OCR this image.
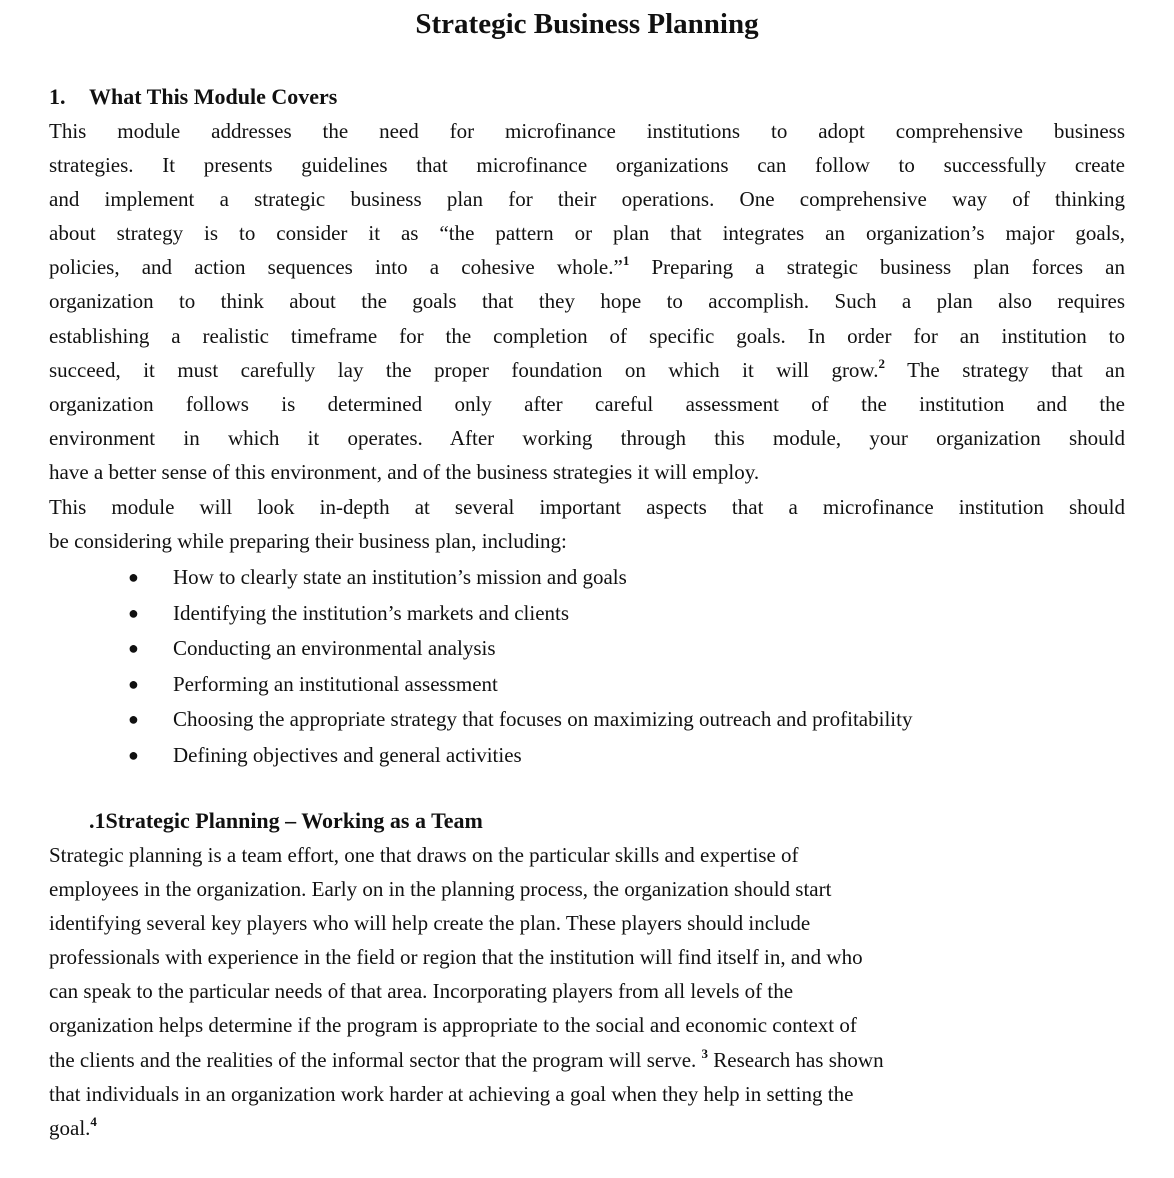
Strategic Business Planning
1. What This Module Covers

This module addresses the need for microfinance institutions to adopt comprehensive business
strategies. It presents guidelines that microfinance organizations can follow to successfully create
and implement a strategic business plan for their operations. One comprehensive way of thinking
about strategy is to consider it as “the pattern or plan that integrates an organization’s major goals,
policies, and action sequences into a cohesive whole.”$^1$ Preparing a strategic business plan forces an
organization to think about the goals that they hope to accomplish. Such a plan also requires
establishing a realistic timeframe for the completion of specific goals. In order for an institution to
succeed, it must carefully lay the proper foundation on which it will grow.$^2$ The strategy that an
organization follows is determined only after careful assessment of the institution and the
environment in which it operates. After working through this module, your organization should
have a better sense of this environment, and of the business strategies it will employ.

This module will look in-depth at several important aspects that a microfinance institution should
be considering while preparing their business plan, including:

● How to clearly state an institution’s mission and goals
● Identifying the institution’s markets and clients
● Conducting an environmental analysis
● Performing an institutional assessment
● Choosing the appropriate strategy that focuses on maximizing outreach and profitability
● Defining objectives and general activities
.1Strategic Planning – Working as a Team

Strategic planning is a team effort, one that draws on the particular skills and expertise of
employees in the organization. Early on in the planning process, the organization should start
identifying several key players who will help create the plan. These players should include
professionals with experience in the field or region that the institution will find itself in, and who
can speak to the particular needs of that area. Incorporating players from all levels of the
organization helps determine if the program is appropriate to the social and economic context of
the clients and the realities of the informal sector that the program will serve. $^3$ Research has shown
that individuals in an organization work harder at achieving a goal when they help in setting the
goal.$^4$
